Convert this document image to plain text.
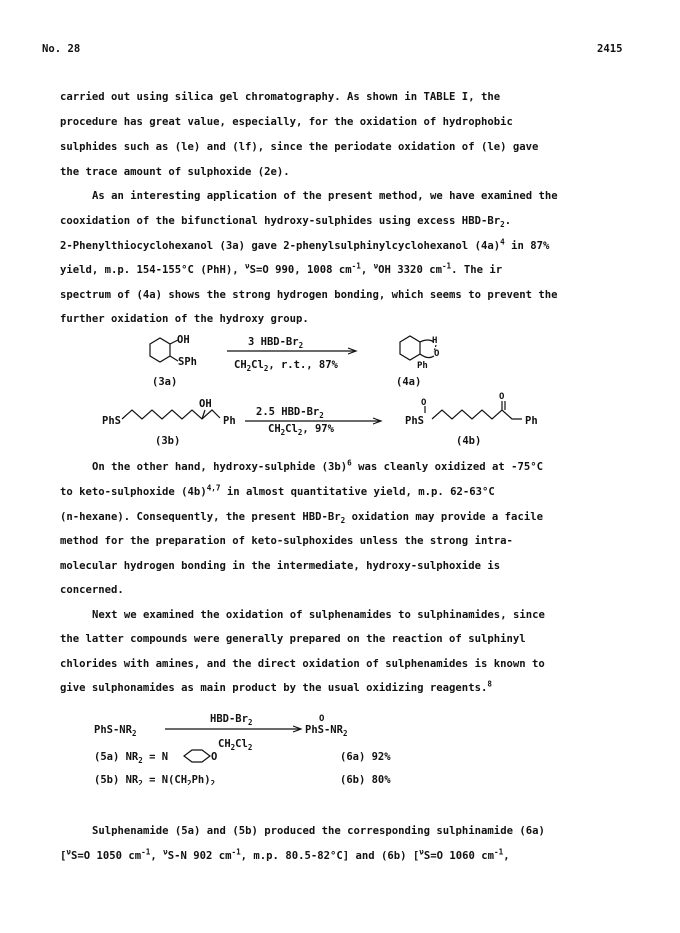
No. 28	2415
carried out using silica gel chromatography. As shown in TABLE I, the
procedure has great value, especially, for the oxidation of hydrophobic
sulphides such as (le) and (lf), since the periodate oxidation of (le) gave
the trace amount of sulphoxide (2e).
As an interesting application of the present method, we have examined the
cooxidation of the bifunctional hydroxy-sulphides using excess HBD-$Br_2$.
2-Phenylthiocyclohexanol (3a) gave 2-phenylsulphinylcyclohexanol $(4a)^4$ in 87%
yield, m.p. 154-155°C (PhH), $^\nu$S=O 990, 1008 $cm^{-1}$, $^\nu$OH 3320 $cm^{-1}$. The ir
spectrum of (4a) shows the strong hydrogen bonding, which seems to prevent the
further oxidation of the hydroxy group.
OH
SPh
(3a)
3 HBD-$Br_2$
$CH_2Cl_2$, r.t., 87%
H
O
Ph
(4a)
PhS
OH
Ph
(3b)
2.5 HBD-$Br_2$
$CH_2Cl_2$, 97%
PhS
O
O
Ph
(4b)
On the other hand, hydroxy-sulphide $(3b)^6$ was cleanly oxidized at -75°C
to keto-sulphoxide $(4b)^{4,7}$ in almost quantitative yield, m.p. 62-63°C
(n-hexane). Consequently, the present HBD-$Br_2$ oxidation may provide a facile
method for the preparation of keto-sulphoxides unless the strong intra-
molecular hydrogen bonding in the intermediate, hydroxy-sulphoxide is
concerned.
Next we examined the oxidation of sulphenamides to sulphinamides, since
the latter compounds were generally prepared on the reaction of sulphinyl
chlorides with amines, and the direct oxidation of sulphenamides is known to
give sulphonamides as main product by the usual oxidizing reagents.$^8$
PhS-$NR_2$
HBD-$Br_2$
$CH_2Cl_2$
O
PhS-$NR_2$
(5a) $NR_2 = N$	O
(5b) $NR_2 = N(CH_2Ph)_2$
(6a) 92%
(6b) 80%
Sulphenamide (5a) and (5b) produced the corresponding sulphinamide (6a)
[$^\nu$S=O 1050 $cm^{-1}$, $^\nu$S-N 902 $cm^{-1}$, m.p. 80.5-82°C] and (6b) [$^\nu$S=O 1060 $cm^{-1}$,
